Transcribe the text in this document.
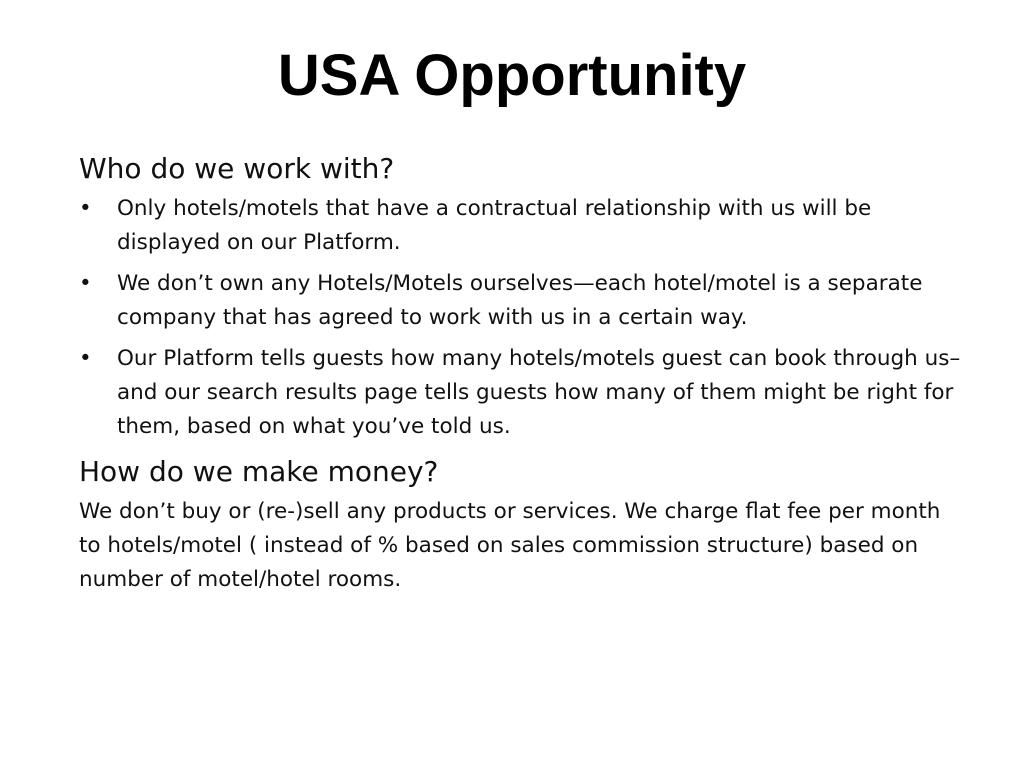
USA Opportunity
Who do we work with?
•	Only hotels/motels that have a contractual relationship with us will be displayed on our Platform.
•	We don’t own any Hotels/Motels ourselves—each hotel/motel is a separate company that has agreed to work with us in a certain way.
•	Our Platform tells guests how many hotels/motels guest can book through us– and our search results page tells guests how many of them might be right for them, based on what you’ve told us.
How do we make money?

We don’t buy or (re-)sell any products or services. We charge flat fee per month to hotels/motel ( instead of % based on sales commission structure) based on number of motel/hotel rooms.
